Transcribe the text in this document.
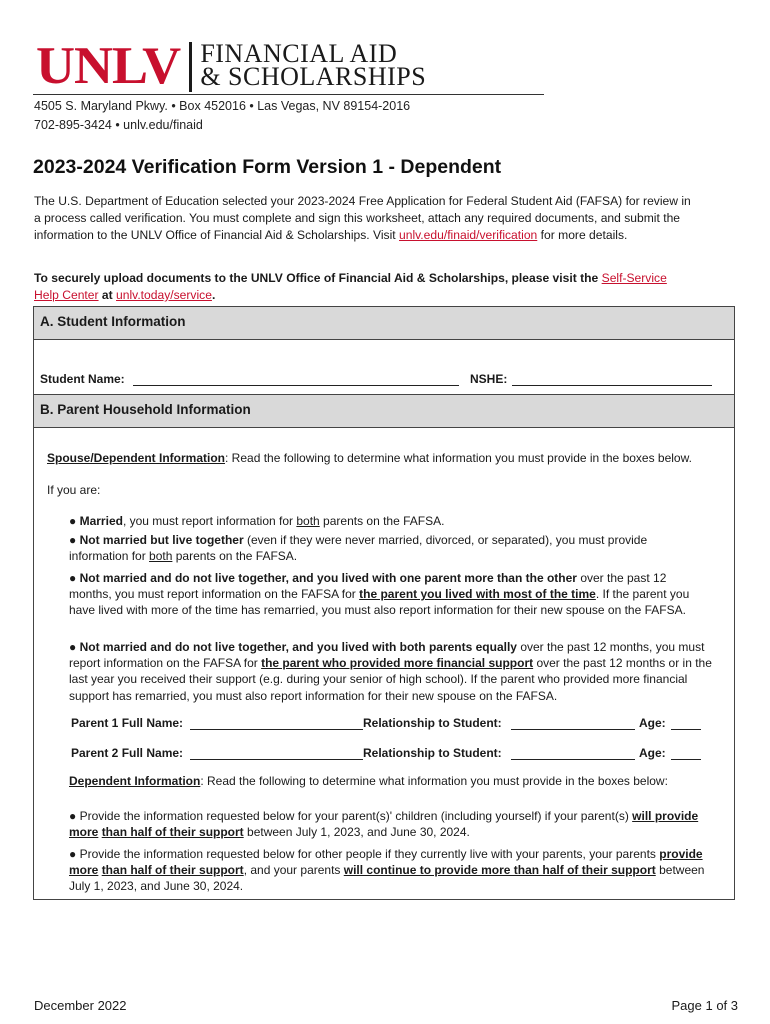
UNLV FINANCIAL AID
& SCHOLARSHIPS
4505 S. Maryland Pkwy. • Box 452016 • Las Vegas, NV 89154-2016
702-895-3424 • unlv.edu/finaid
2023-2024 Verification Form Version 1 - Dependent

The U.S. Department of Education selected your 2023-2024 Free Application for Federal Student Aid (FAFSA) for review in a process called verification. You must complete and sign this worksheet, attach any required documents, and submit the information to the UNLV Office of Financial Aid & Scholarships. Visit unlv.edu/finaid/verification for more details.

To securely upload documents to the UNLV Office of Financial Aid & Scholarships, please visit the Self-Service Help Center at unlv.today/service.

A. Student Information
Student Name:	NSHE:
B. Parent Household Information

Spouse/Dependent Information: Read the following to determine what information you must provide in the boxes below.

If you are:

● Married, you must report information for both parents on the FAFSA.

● Not married but live together (even if they were never married, divorced, or separated), you must provide information for both parents on the FAFSA.

● Not married and do not live together, and you lived with one parent more than the other over the past 12 months, you must report information on the FAFSA for the parent you lived with most of the time. If the parent you have lived with more of the time has remarried, you must also report information for their new spouse on the FAFSA.

● Not married and do not live together, and you lived with both parents equally over the past 12 months, you must report information on the FAFSA for the parent who provided more financial support over the past 12 months or in the last year you received their support (e.g. during your senior of high school). If the parent who provided more financial support has remarried, you must also report information for their new spouse on the FAFSA.

Parent 1 Full Name:	Relationship to Student:	Age:
Parent 2 Full Name:	Relationship to Student:	Age:

Dependent Information: Read the following to determine what information you must provide in the boxes below:

● Provide the information requested below for your parent(s)' children (including yourself) if your parent(s) will provide more than half of their support between July 1, 2023, and June 30, 2024.

● Provide the information requested below for other people if they currently live with your parents, your parents provide more than half of their support, and your parents will continue to provide more than half of their support between July 1, 2023, and June 30, 2024.

December 2022	Page 1 of 3
